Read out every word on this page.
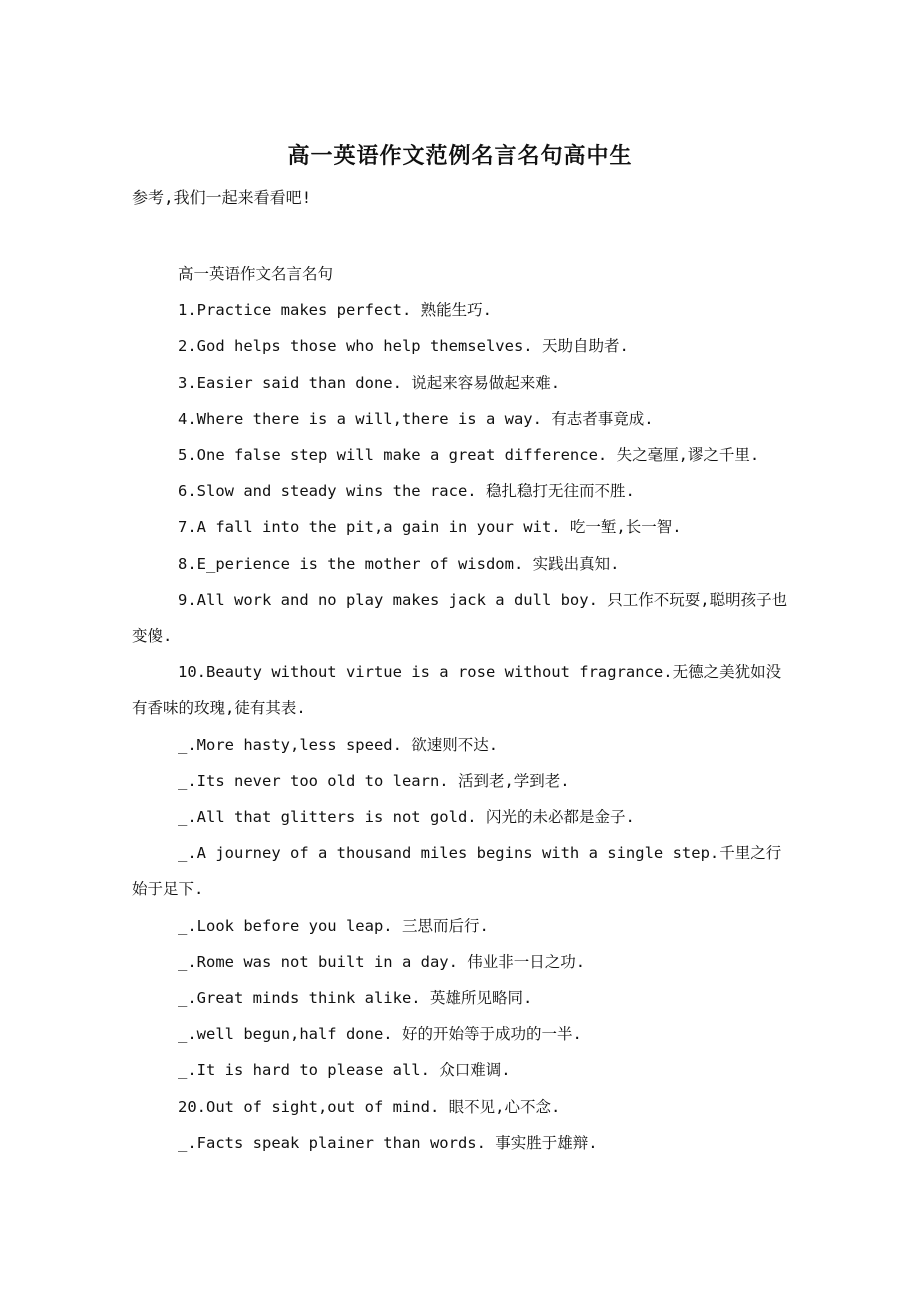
高一英语作文范例名言名句高中生
参考,我们一起来看看吧!

高一英语作文名言名句

1.Practice makes perfect. 熟能生巧.

2.God helps those who help themselves. 天助自助者.

3.Easier said than done. 说起来容易做起来难.

4.Where there is a will,there is a way. 有志者事竟成.

5.One false step will make a great difference. 失之毫厘,谬之千里.

6.Slow and steady wins the race. 稳扎稳打无往而不胜.

7.A fall into the pit,a gain in your wit. 吃一堑,长一智.

8.E_perience is the mother of wisdom. 实践出真知.

9.All work and no play makes jack a dull boy. 只工作不玩耍,聪明孩子也变傻.

10.Beauty without virtue is a rose without fragrance.无德之美犹如没有香味的玫瑰,徒有其表.

_.More hasty,less speed. 欲速则不达.

_.Its never too old to learn. 活到老,学到老.

_.All that glitters is not gold. 闪光的未必都是金子.

_.A journey of a thousand miles begins with a single step.千里之行始于足下.

_.Look before you leap. 三思而后行.

_.Rome was not built in a day. 伟业非一日之功.

_.Great minds think alike. 英雄所见略同.

_.well begun,half done. 好的开始等于成功的一半.

_.It is hard to please all. 众口难调.

20.Out of sight,out of mind. 眼不见,心不念.

_.Facts speak plainer than words. 事实胜于雄辩.
